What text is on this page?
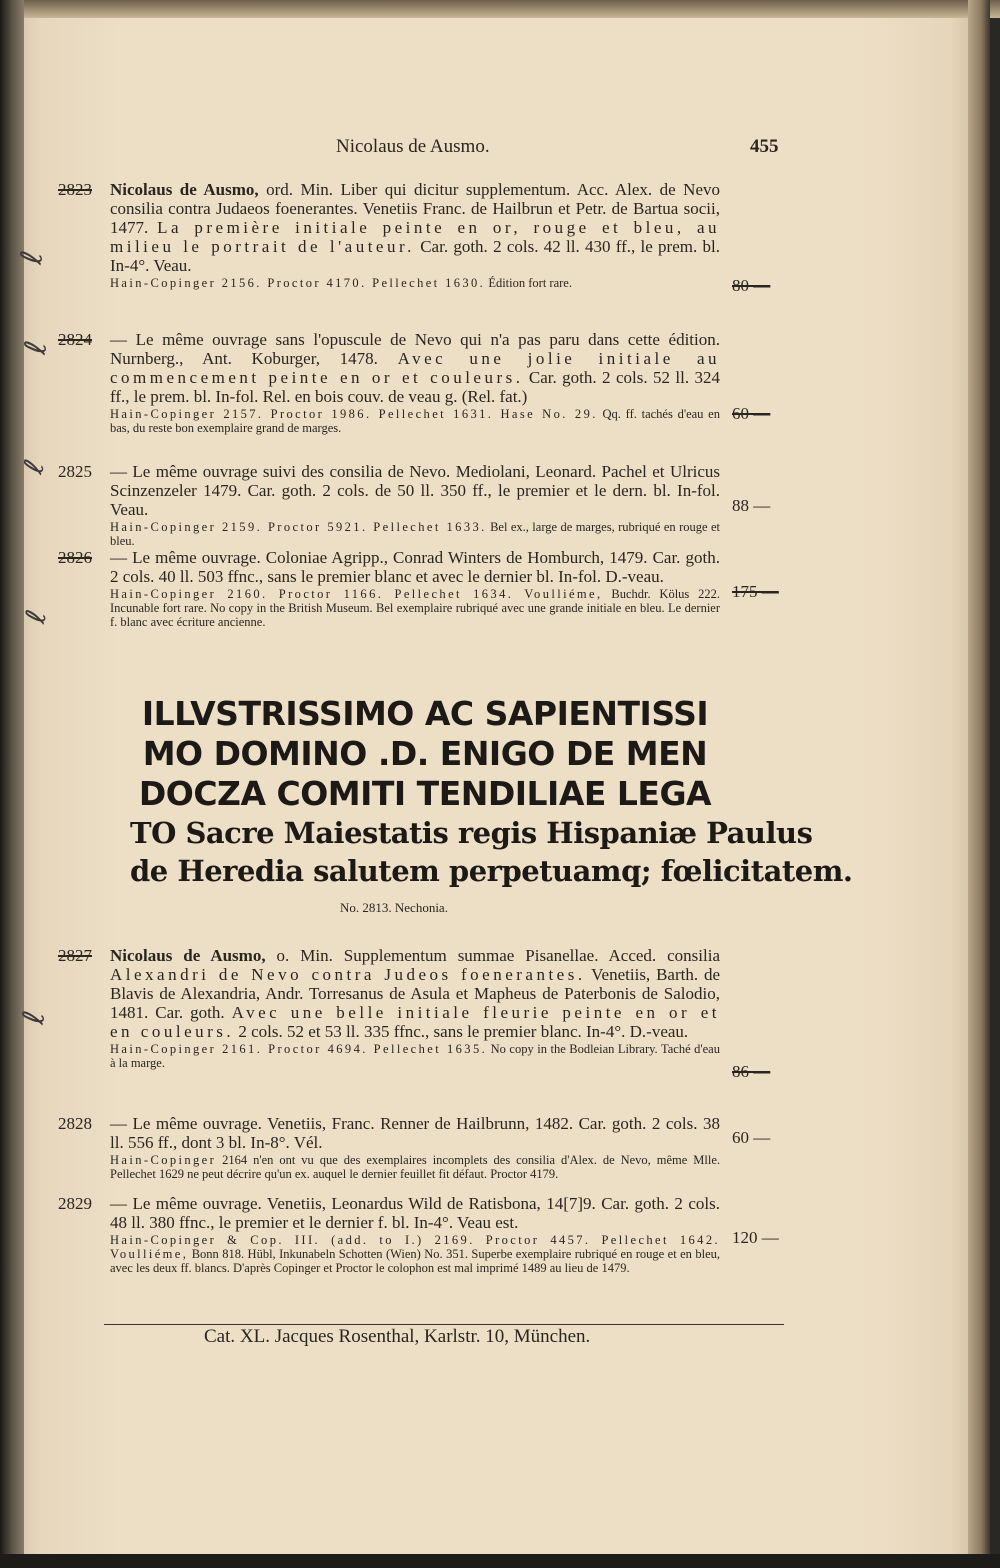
ℓ
ℓ
ℓ
ℓ
ℓ
Nicolaus de Ausmo.	455
2823 Nicolaus de Ausmo, ord. Min. Liber qui dicitur supplementum. Acc. Alex. de Nevo consilia contra Judaeos foenerantes. Venetiis Franc. de Hailbrun et Petr. de Bartua socii, 1477. La première initiale peinte en or, rouge et bleu, au milieu le portrait de l'auteur. Car. goth. 2 cols. 42 ll. 430 ff., le prem. bl. In-4°. Veau.
Hain-Copinger 2156. Proctor 4170. Pellechet 1630. Édition fort rare.	80 —
2824 — Le même ouvrage sans l'opuscule de Nevo qui n'a pas paru dans cette édition. Nurnberg., Ant. Koburger, 1478. Avec une jolie initiale au commencement peinte en or et couleurs. Car. goth. 2 cols. 52 ll. 324 ff., le prem. bl. In-fol. Rel. en bois couv. de veau g. (Rel. fat.)
Hain-Copinger 2157. Proctor 1986. Pellechet 1631. Hase No. 29. Qq. ff. tachés d'eau en bas, du reste bon exemplaire grand de marges.
60 —
2825 — Le même ouvrage suivi des consilia de Nevo. Mediolani, Leonard. Pachel et Ulricus Scinzenzeler 1479. Car. goth. 2 cols. de 50 ll. 350 ff., le premier et le dern. bl. In-fol. Veau.
Hain-Copinger 2159. Proctor 5921. Pellechet 1633. Bel ex., large de marges, rubriqué en rouge et bleu.
88 —
2826 — Le même ouvrage. Coloniae Agripp., Conrad Winters de Homburch, 1479. Car. goth. 2 cols. 40 ll. 503 ffnc., sans le premier blanc et avec le dernier bl. In-fol. D.-veau.
Hain-Copinger 2160. Proctor 1166. Pellechet 1634. Voulliéme, Buchdr. Kölus 222. Incunable fort rare. No copy in the British Museum. Bel exemplaire rubriqué avec une grande initiale en bleu. Le dernier f. blanc avec écriture ancienne.
175 —
ILLVSTRISSIMO AC SAPIENTISSI
MO DOMINO .D. ENIGO DE MEN
DOCZA COMITI TENDILIAE LEGA
TO Sacre Maiestatis regis Hispaniæ Paulus
de Heredia salutem perpetuamq; fœlicitatem.
No. 2813. Nechonia.
2827 Nicolaus de Ausmo, o. Min. Supplementum summae Pisanellae. Acced. consilia Alexandri de Nevo contra Judeos foenerantes. Venetiis, Barth. de Blavis de Alexandria, Andr. Torresanus de Asula et Mapheus de Paterbonis de Salodio, 1481. Car. goth. Avec une belle initiale fleurie peinte en or et en couleurs. 2 cols. 52 et 53 ll. 335 ffnc., sans le premier blanc. In-4°. D.-veau.
Hain-Copinger 2161. Proctor 4694. Pellechet 1635. No copy in the Bodleian Library. Taché d'eau à la marge.	86 —
2828 — Le même ouvrage. Venetiis, Franc. Renner de Hailbrunn, 1482. Car. goth. 2 cols. 38 ll. 556 ff., dont 3 bl. In-8°. Vél.
Hain-Copinger 2164 n'en ont vu que des exemplaires incomplets des consilia d'Alex. de Nevo, même Mlle. Pellechet 1629 ne peut décrire qu'un ex. auquel le dernier feuillet fit défaut. Proctor 4179.
60 —
2829 — Le même ouvrage. Venetiis, Leonardus Wild de Ratisbona, 14[7]9. Car. goth. 2 cols. 48 ll. 380 ffnc., le premier et le dernier f. bl. In-4°. Veau est.
Hain-Copinger & Cop. III. (add. to I.) 2169. Proctor 4457. Pellechet 1642. Voulliéme, Bonn 818. Hübl, Inkunabeln Schotten (Wien) No. 351. Superbe exemplaire rubriqué en rouge et en bleu, avec les deux ff. blancs. D'après Copinger et Proctor le colophon est mal imprimé 1489 au lieu de 1479.
120 —
Cat. XL. Jacques Rosenthal, Karlstr. 10, München.
